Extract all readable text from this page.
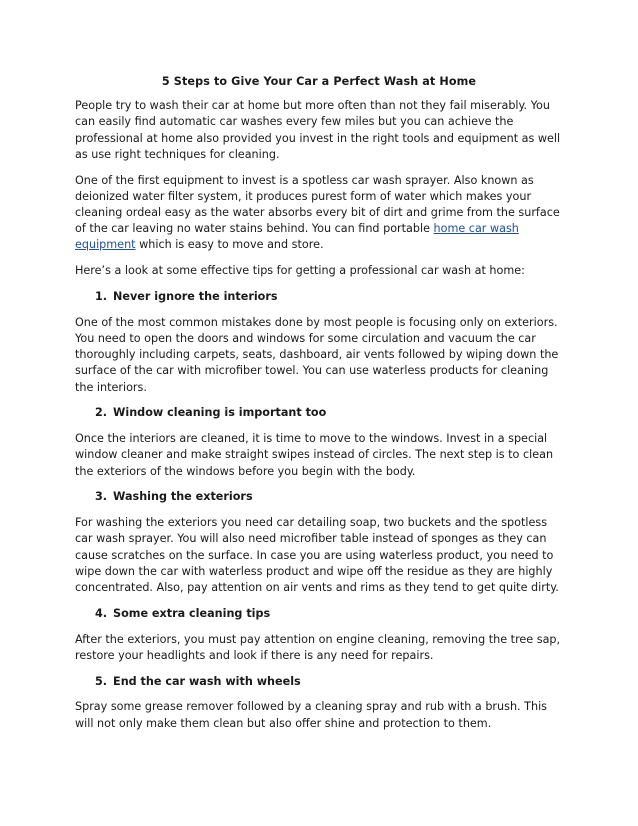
5 Steps to Give Your Car a Perfect Wash at Home

People try to wash their car at home but more often than not they fail miserably. You can easily find automatic car washes every few miles but you can achieve the professional at home also provided you invest in the right tools and equipment as well as use right techniques for cleaning.

One of the first equipment to invest is a spotless car wash sprayer. Also known as deionized water filter system, it produces purest form of water which makes your cleaning ordeal easy as the water absorbs every bit of dirt and grime from the surface of the car leaving no water stains behind. You can find portable home car wash equipment which is easy to move and store.

Here’s a look at some effective tips for getting a professional car wash at home:

1. Never ignore the interiors

One of the most common mistakes done by most people is focusing only on exteriors. You need to open the doors and windows for some circulation and vacuum the car thoroughly including carpets, seats, dashboard, air vents followed by wiping down the surface of the car with microfiber towel. You can use waterless products for cleaning the interiors.

2. Window cleaning is important too

Once the interiors are cleaned, it is time to move to the windows. Invest in a special window cleaner and make straight swipes instead of circles. The next step is to clean the exteriors of the windows before you begin with the body.

3. Washing the exteriors

For washing the exteriors you need car detailing soap, two buckets and the spotless car wash sprayer. You will also need microfiber table instead of sponges as they can cause scratches on the surface. In case you are using waterless product, you need to wipe down the car with waterless product and wipe off the residue as they are highly concentrated. Also, pay attention on air vents and rims as they tend to get quite dirty.

4. Some extra cleaning tips

After the exteriors, you must pay attention on engine cleaning, removing the tree sap, restore your headlights and look if there is any need for repairs.

5. End the car wash with wheels

Spray some grease remover followed by a cleaning spray and rub with a brush. This will not only make them clean but also offer shine and protection to them.
